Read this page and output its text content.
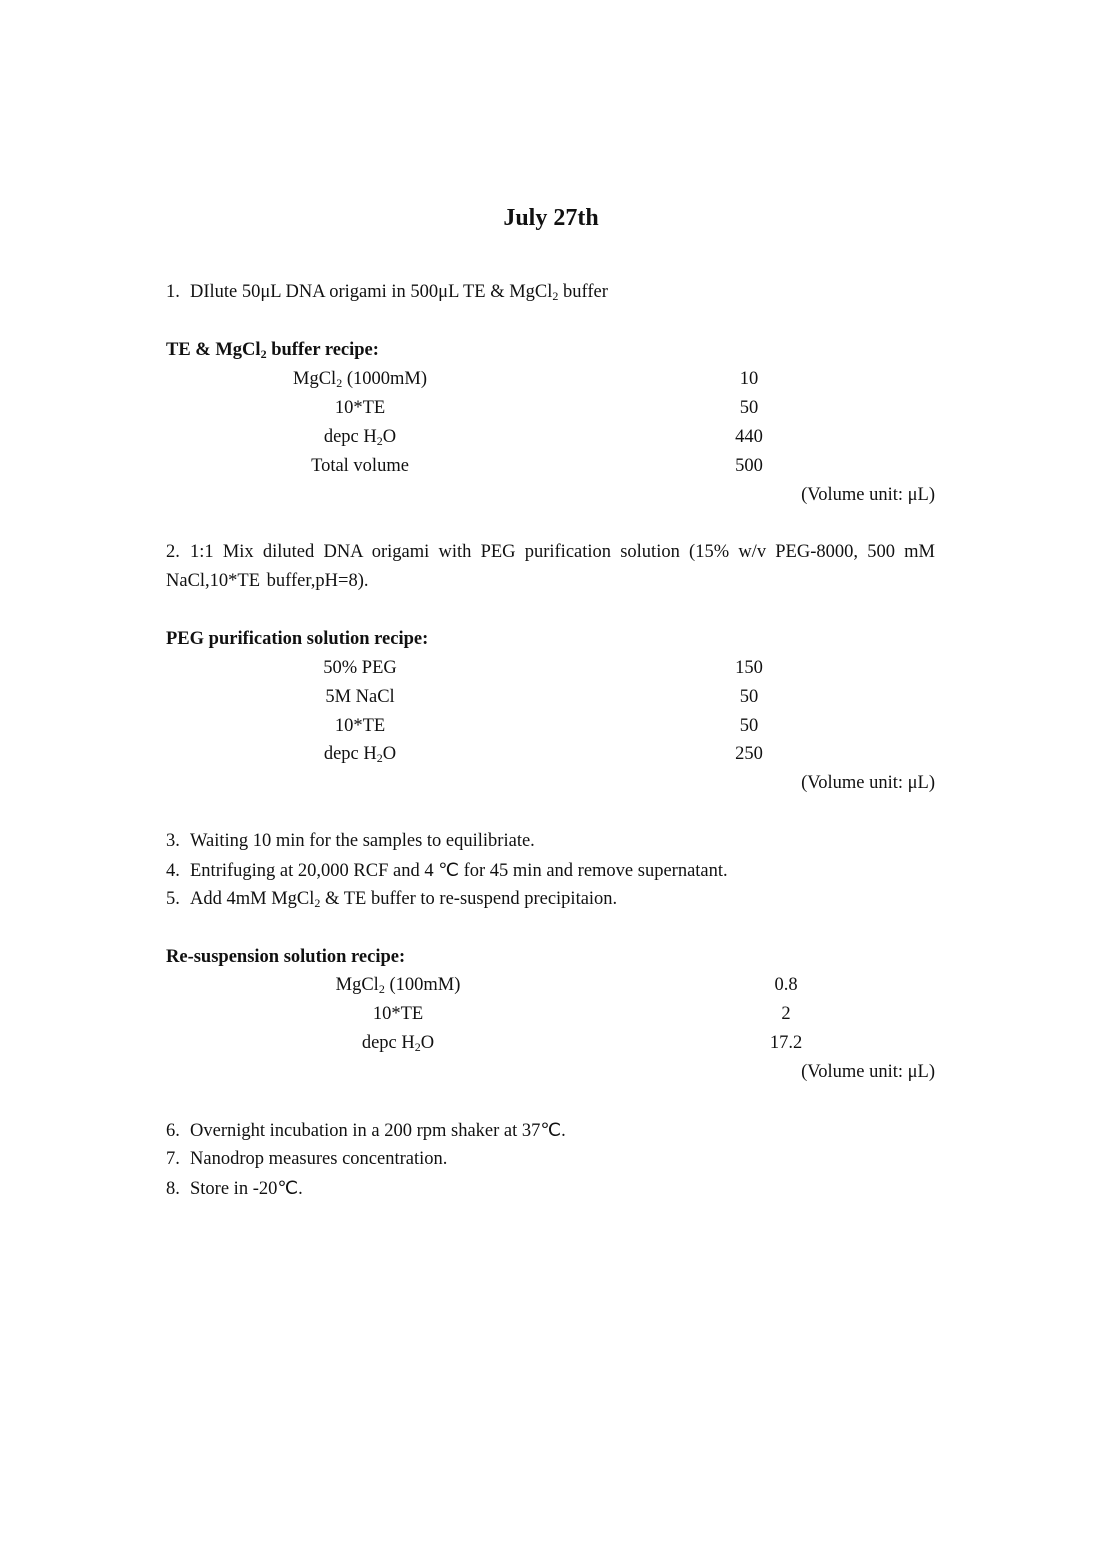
July 27th
1. DIlute 50μL DNA origami in 500μL TE & MgCl$_2$ buffer
TE & MgCl$_2$ buffer recipe:
MgCl$_2$ (1000mM)	10
10*TE	50
depc $H_2O$	440
Total volume	500
(Volume unit: μL)
2. 1:1 Mix diluted DNA origami with PEG purification solution (15% w/v PEG-8000, 500 mM NaCl,10*TE buffer,pH=8).
PEG purification solution recipe:
50% PEG	150
5M NaCl	50
10*TE	50
depc $H_2O$	250
(Volume unit: μL)
3. Waiting 10 min for the samples to equilibriate.
4. Entrifuging at 20,000 RCF and 4 ℃ for 45 min and remove supernatant.
5. Add 4mM MgCl$_2$ & TE buffer to re-suspend precipitaion.
Re-suspension solution recipe:
MgCl$_2$ (100mM)	0.8
10*TE	2
depc $H_2O$	17.2
(Volume unit: μL)
6. Overnight incubation in a 200 rpm shaker at 37℃.
7. Nanodrop measures concentration.
8. Store in -20℃.
